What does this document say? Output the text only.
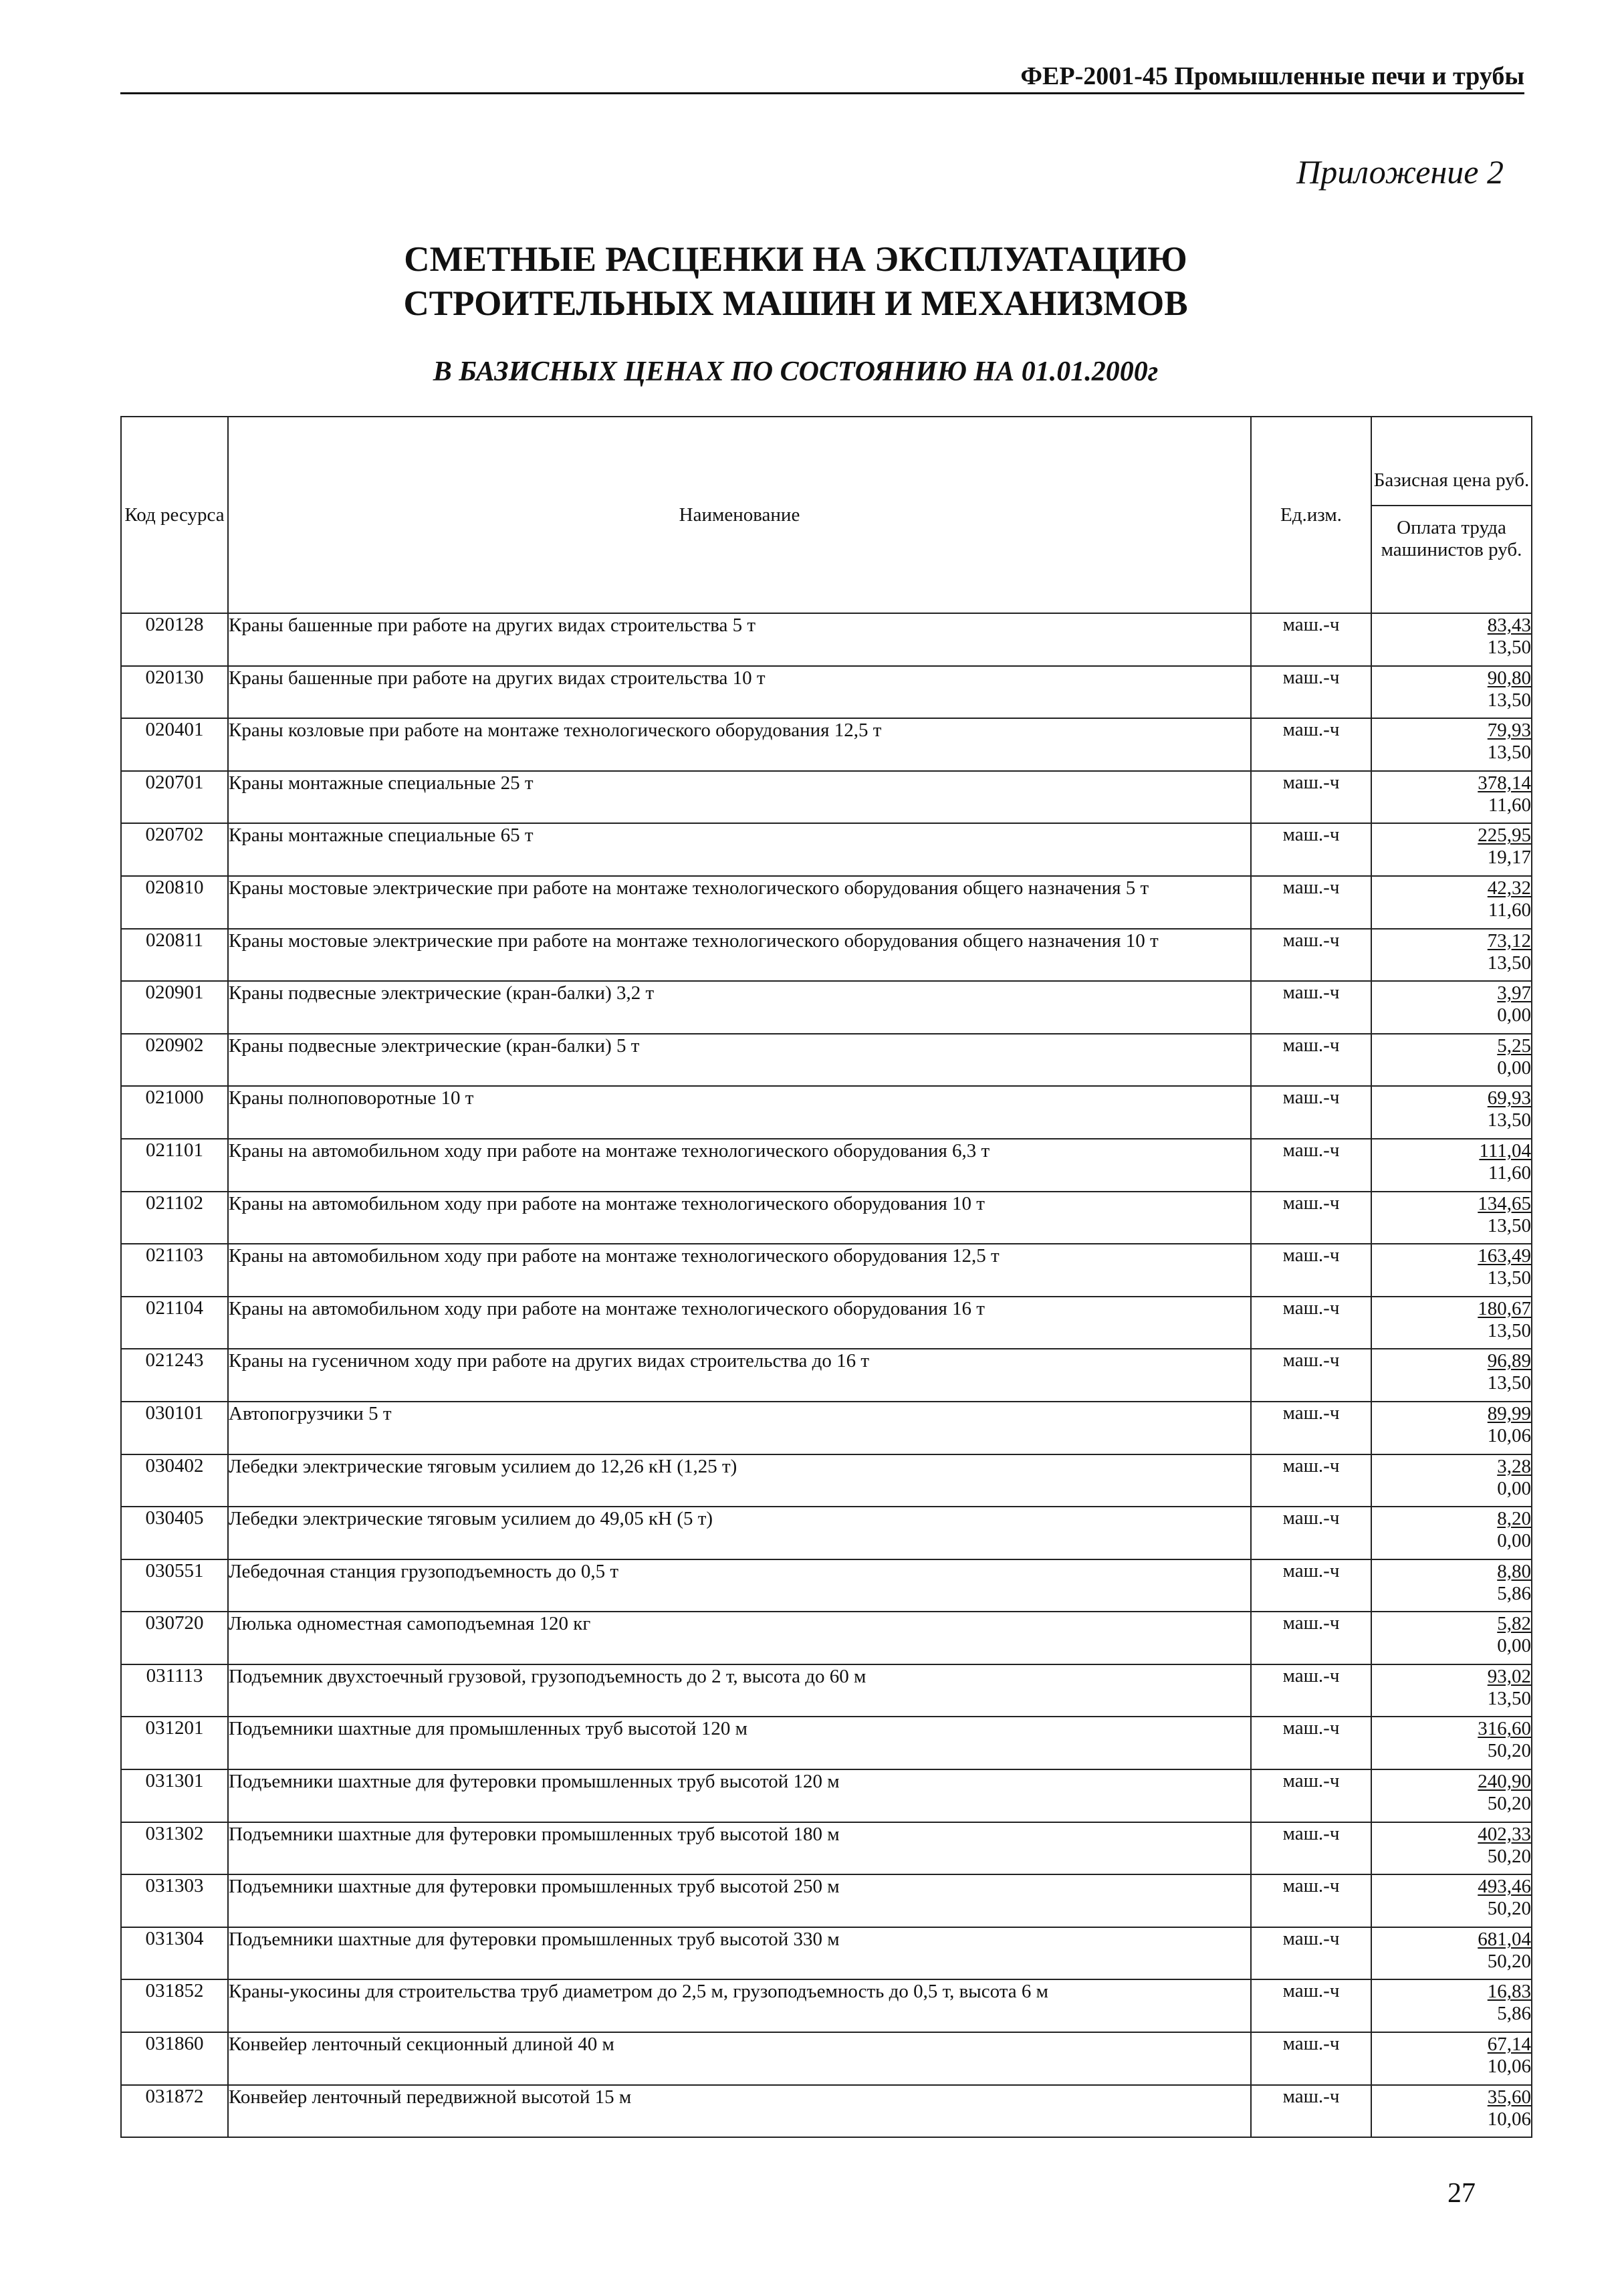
ФЕР-2001-45 Промышленные печи и трубы
Приложение 2
СМЕТНЫЕ РАСЦЕНКИ НА ЭКСПЛУАТАЦИЮ
СТРОИТЕЛЬНЫХ МАШИН И МЕХАНИЗМОВ
В БАЗИСНЫХ ЦЕНАХ ПО СОСТОЯНИЮ НА 01.01.2000г
Код ресурса	Наименование	Ед.изм.	Базисная цена руб.
Оплата труда машинистов руб.

020128	Краны башенные при работе на других видах строительства 5 т	маш.-ч	83,43
13,50

020130	Краны башенные при работе на других видах строительства 10 т	маш.-ч	90,80
13,50

020401	Краны козловые при работе на монтаже технологического оборудования 12,5 т	маш.-ч	79,93
13,50

020701	Краны монтажные специальные 25 т	маш.-ч	378,14
11,60

020702	Краны монтажные специальные 65 т	маш.-ч	225,95
19,17

020810	Краны мостовые электрические при работе на монтаже технологического оборудования общего назначения 5 т	маш.-ч	42,32
11,60

020811	Краны мостовые электрические при работе на монтаже технологического оборудования общего назначения 10 т	маш.-ч	73,12
13,50

020901	Краны подвесные электрические (кран-балки) 3,2 т	маш.-ч	3,97
0,00

020902	Краны подвесные электрические (кран-балки) 5 т	маш.-ч	5,25
0,00

021000	Краны полноповоротные 10 т	маш.-ч	69,93
13,50

021101	Краны на автомобильном ходу при работе на монтаже технологического оборудования 6,3 т	маш.-ч	111,04
11,60

021102	Краны на автомобильном ходу при работе на монтаже технологического оборудования 10 т	маш.-ч	134,65
13,50

021103	Краны на автомобильном ходу при работе на монтаже технологического оборудования 12,5 т	маш.-ч	163,49
13,50

021104	Краны на автомобильном ходу при работе на монтаже технологического оборудования 16 т	маш.-ч	180,67
13,50

021243	Краны на гусеничном ходу при работе на других видах строительства до 16 т	маш.-ч	96,89
13,50

030101	Автопогрузчики 5 т	маш.-ч	89,99
10,06

030402	Лебедки электрические тяговым усилием до 12,26 кН (1,25 т)	маш.-ч	3,28
0,00

030405	Лебедки электрические тяговым усилием до 49,05 кН (5 т)	маш.-ч	8,20
0,00

030551	Лебедочная станция грузоподъемность до 0,5 т	маш.-ч	8,80
5,86

030720	Люлька одноместная самоподъемная 120 кг	маш.-ч	5,82
0,00

031113	Подъемник двухстоечный грузовой, грузоподъемность до 2 т, высота до 60 м	маш.-ч	93,02
13,50

031201	Подъемники шахтные для промышленных труб высотой 120 м	маш.-ч	316,60
50,20

031301	Подъемники шахтные для футеровки промышленных труб высотой 120 м	маш.-ч	240,90
50,20

031302	Подъемники шахтные для футеровки промышленных труб высотой 180 м	маш.-ч	402,33
50,20

031303	Подъемники шахтные для футеровки промышленных труб высотой 250 м	маш.-ч	493,46
50,20

031304	Подъемники шахтные для футеровки промышленных труб высотой 330 м	маш.-ч	681,04
50,20

031852	Краны-укосины для строительства труб диаметром до 2,5 м, грузоподъемность до 0,5 т, высота 6 м	маш.-ч	16,83
5,86

031860	Конвейер ленточный секционный длиной 40 м	маш.-ч	67,14
10,06

031872	Конвейер ленточный передвижной высотой 15 м	маш.-ч	35,60
10,06
27
